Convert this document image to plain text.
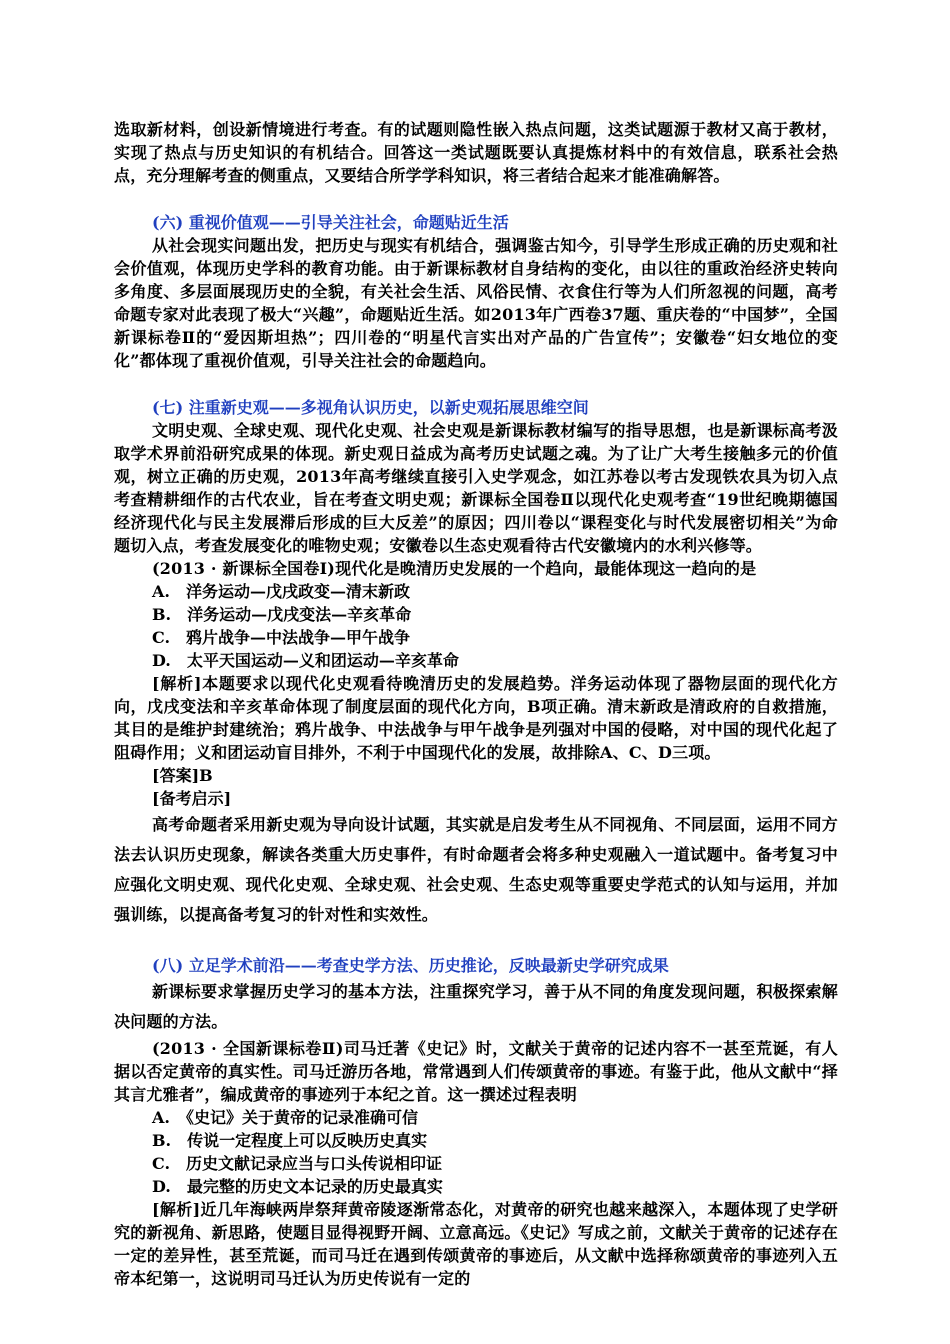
选取新材料，创设新情境进行考查。有的试题则隐性嵌入热点问题，这类试题源于教材又高于教材，实现了热点与历史知识的有机结合。回答这一类试题既要认真提炼材料中的有效信息，联系社会热点，充分理解考查的侧重点，又要结合所学学科知识，将三者结合起来才能准确解答。

(六) 重视价值观——引导关注社会，命题贴近生活

从社会现实问题出发，把历史与现实有机结合，强调鉴古知今，引导学生形成正确的历史观和社会价值观，体现历史学科的教育功能。由于新课标教材自身结构的变化，由以往的重政治经济史转向多角度、多层面展现历史的全貌，有关社会生活、风俗民情、衣食住行等为人们所忽视的问题，高考命题专家对此表现了极大“兴趣”，命题贴近生活。如2013年广西卷37题、重庆卷的“中国梦”，全国新课标卷Ⅱ的“爱因斯坦热”；四川卷的“明星代言实出对产品的广告宣传”；安徽卷“妇女地位的变化”都体现了重视价值观，引导关注社会的命题趋向。

(七) 注重新史观——多视角认识历史，以新史观拓展思维空间

文明史观、全球史观、现代化史观、社会史观是新课标教材编写的指导思想，也是新课标高考汲取学术界前沿研究成果的体现。新史观日益成为高考历史试题之魂。为了让广大考生接触多元的价值观，树立正确的历史观，2013年高考继续直接引入史学观念，如江苏卷以考古发现铁农具为切入点考查精耕细作的古代农业，旨在考查文明史观；新课标全国卷Ⅱ以现代化史观考查“19世纪晚期德国经济现代化与民主发展滞后形成的巨大反差”的原因；四川卷以“课程变化与时代发展密切相关”为命题切入点，考查发展变化的唯物史观；安徽卷以生态史观看待古代安徽境内的水利兴修等。

(2013 · 新课标全国卷Ⅰ)现代化是晚清历史发展的一个趋向，最能体现这一趋向的是

A.　洋务运动—戊戌政变—清末新政

B.　洋务运动—戊戌变法—辛亥革命

C.　鸦片战争—中法战争—甲午战争

D.　太平天国运动—义和团运动—辛亥革命

[解析]本题要求以现代化史观看待晚清历史的发展趋势。洋务运动体现了器物层面的现代化方向，戊戌变法和辛亥革命体现了制度层面的现代化方向，B项正确。清末新政是清政府的自救措施，其目的是维护封建统治；鸦片战争、中法战争与甲午战争是列强对中国的侵略，对中国的现代化起了阻碍作用；义和团运动盲目排外，不利于中国现代化的发展，故排除A、C、D三项。

[答案]B

[备考启示]

高考命题者采用新史观为导向设计试题，其实就是启发考生从不同视角、不同层面，运用不同方法去认识历史现象，解读各类重大历史事件，有时命题者会将多种史观融入一道试题中。备考复习中应强化文明史观、现代化史观、全球史观、社会史观、生态史观等重要史学范式的认知与运用，并加强训练，以提高备考复习的针对性和实效性。

(八) 立足学术前沿——考查史学方法、历史推论，反映最新史学研究成果

新课标要求掌握历史学习的基本方法，注重探究学习，善于从不同的角度发现问题，积极探索解决问题的方法。

(2013 · 全国新课标卷Ⅱ)司马迁著《史记》时，文献关于黄帝的记述内容不一甚至荒诞，有人据以否定黄帝的真实性。司马迁游历各地，常常遇到人们传颂黄帝的事迹。有鉴于此，他从文献中“择其言尤雅者”，编成黄帝的事迹列于本纪之首。这一撰述过程表明

A.　《史记》关于黄帝的记录准确可信

B.　传说一定程度上可以反映历史真实

C.　历史文献记录应当与口头传说相印证

D.　最完整的历史文本记录的历史最真实

[解析]近几年海峡两岸祭拜黄帝陵逐渐常态化，对黄帝的研究也越来越深入，本题体现了史学研究的新视角、新思路，使题目显得视野开阔、立意高远。《史记》写成之前，文献关于黄帝的记述存在一定的差异性，甚至荒诞，而司马迁在遇到传颂黄帝的事迹后，从文献中选择称颂黄帝的事迹列入五帝本纪第一，这说明司马迁认为历史传说有一定的
